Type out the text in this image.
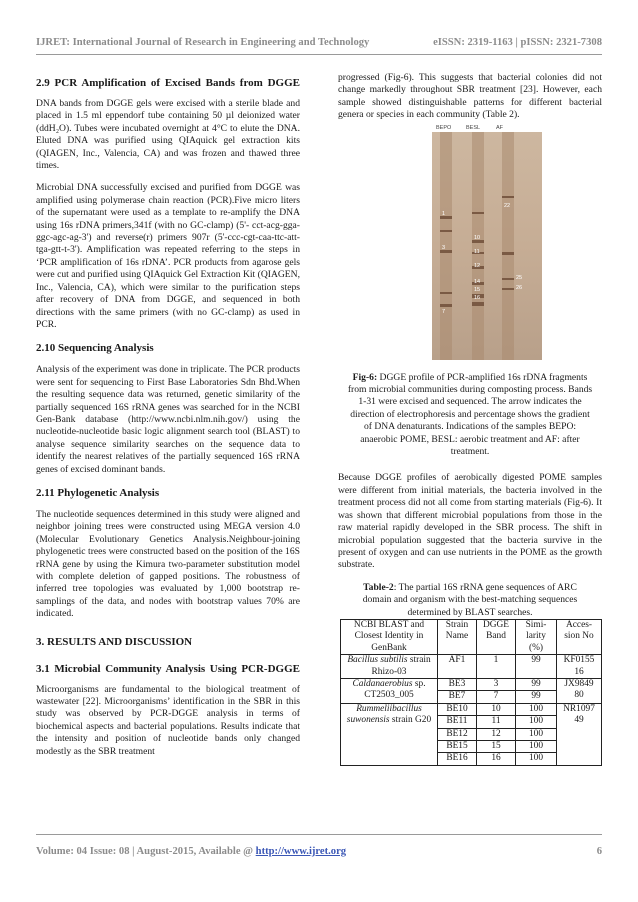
IJRET: International Journal of Research in Engineering and Technology	eISSN: 2319-1163 | pISSN: 2321-7308
2.9 PCR Amplification of Excised Bands from DGGE

DNA bands from DGGE gels were excised with a sterile blade and placed in 1.5 ml eppendorf tube containing 50 µl deionized water (ddH₂O). Tubes were incubated overnight at 4°C to elute the DNA. Eluted DNA was purified using QIAquick gel extraction kits (QIAGEN, Inc., Valencia, CA) and was frozen and thawed three times.

Microbial DNA successfully excised and purified from DGGE was amplified using polymerase chain reaction (PCR).Five micro liters of the supernatant were used as a template to re-amplify the DNA using 16s rDNA primers,341f (with no GC-clamp) (5'- cct-acg-gga-ggc-agc-ag-3') and reverse(r) primers 907r (5'-ccc-cgt-caa-ttc-att-tga-gtt-t-3'). Amplification was repeated referring to the steps in ‘PCR amplification of 16s rDNA’. PCR products from agarose gels were cut and purified using QIAquick Gel Extraction Kit (QIAGEN, Inc., Valencia, CA), which were similar to the purification steps after recovery of DNA from DGGE, and sequenced in both directions with the same primers (with no GC-clamp) as used in PCR.

2.10 Sequencing Analysis

Analysis of the experiment was done in triplicate. The PCR products were sent for sequencing to First Base Laboratories Sdn Bhd.When the resulting sequence data was returned, genetic similarity of the partially sequenced 16S rRNA genes was searched for in the NCBI Gen-Bank database (http://www.ncbi.nlm.nih.gov/) using the nucleotide-nucleotide basic logic alignment search tool (BLAST) to analyse sequence similarity searches on the sequence data to identify the nearest relatives of the partially sequenced 16S rRNA genes of excised dominant bands.

2.11 Phylogenetic Analysis

The nucleotide sequences determined in this study were aligned and neighbor joining trees were constructed using MEGA version 4.0 (Molecular Evolutionary Genetics Analysis.Neighbour-joining phylogenetic trees were constructed based on the position of the 16S rRNA gene by using the Kimura two-parameter substitution model with complete deletion of gapped positions. The robustness of inferred tree topologies was evaluated by 1,000 bootstrap re-samplings of the data, and nodes with bootstrap values 70% are indicated.

3. RESULTS AND DISCUSSION
3.1 Microbial Community Analysis Using PCR-DGGE

Microorganisms are fundamental to the biological treatment of wastewater [22]. Microorganisms’ identification in the SBR in this study was observed by PCR-DGGE analysis in terms of biochemical aspects and bacterial populations. Results indicate that the intensity and position of nucleotide bands only changed modestly as the SBR treatment

progressed (Fig-6). This suggests that bacterial colonies did not change markedly throughout SBR treatment [23]. However, each sample showed distinguishable patterns for different bacterial genera or species in each community (Table 2).

BEPO	BESL	AF
1
3
10
11
12
14
15
16
7
22
25
26
Fig-6: DGGE profile of PCR-amplified 16s rDNA fragments from microbial communities during composting process. Bands 1-31 were excised and sequenced. The arrow indicates the direction of electrophoresis and percentage shows the gradient of DNA denaturants. Indications of the samples BEPO: anaerobic POME, BESL: aerobic treatment and AF: after treatment.

Because DGGE profiles of aerobically digested POME samples were different from initial materials, the bacteria involved in the treatment process did not all come from starting materials (Fig-6). It was shown that different microbial populations from those in the raw material rapidly developed in the SBR process. The shift in microbial population suggested that the bacteria survive in the present of oxygen and can use nutrients in the POME as the growth substrate.

Table-2: The partial 16S rRNA gene sequences of ARC domain and organism with the best-matching sequences determined by BLAST searches.
NCBI BLAST and Closest Identity in GenBank	Strain Name	DGGE Band	Simi-larity (%)	Acces-sion No
Bacillus subtilis strain Rhizo-03	AF1	1	99	KF0155 16
Caldanaerobius sp. CT2503_005	BE3	3	99	JX9849 80
	BE7	7	99	
Rummeliibacillus suwonensis strain G20	BE10	10	100	NR1097 49
	BE11	11	100	
	BE12	12	100	
	BE15	15	100	
	BE16	16	100	
Volume: 04 Issue: 08 | August-2015, Available @ http://www.ijret.org	6
